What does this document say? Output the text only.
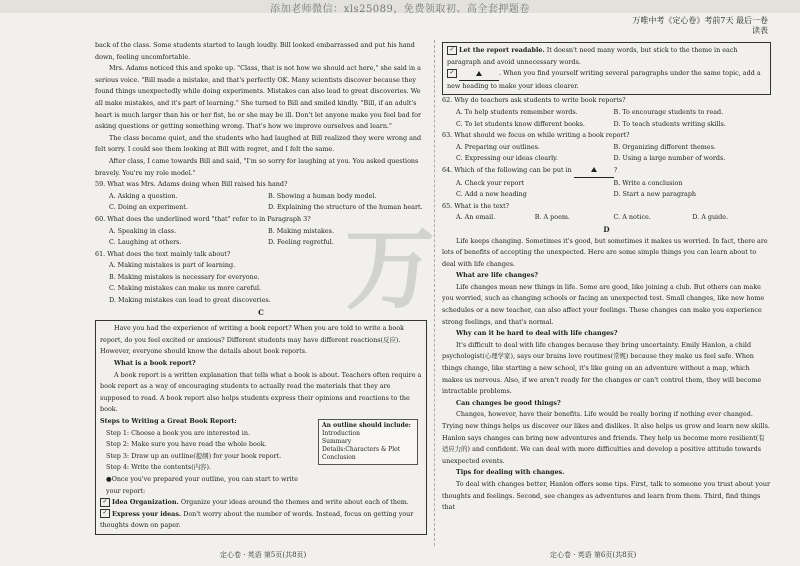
添加老师微信：xls25089，免费领取初、高全套押题卷
万唯中考《定心卷》考前7天 最后一卷
读表
万

back of the class. Some students started to laugh loudly. Bill looked embarrassed and put his hand down, feeling uncomfortable.

Mrs. Adams noticed this and spoke up. "Class, that is not how we should act here," she said in a serious voice. "Bill made a mistake, and that's perfectly OK. Many scientists discover because they found things unexpectedly while doing experiments. Mistakes can also lead to great discoveries. We all make mistakes, and it's part of learning." She turned to Bill and smiled kindly. "Bill, if an adult's heart is much larger than his or her fist, he or she may be ill. Don't let anyone make you feel bad for asking questions or getting something wrong. That's how we improve ourselves and learn."

The class became quiet, and the students who had laughed at Bill realized they were wrong and felt sorry. I could see them looking at Bill with regret, and I felt the same.

After class, I came towards Bill and said, "I'm so sorry for laughing at you. You asked questions bravely. You're my role model."

59. What was Mrs. Adams doing when Bill raised his hand?
A. Asking a question.	B. Showing a human body model.
C. Doing an experiment.	D. Explaining the structure of the human heart.
60. What does the underlined word "that" refer to in Paragraph 3?
A. Speaking in class.	B. Making mistakes.
C. Laughing at others.	D. Feeling regretful.
61. What does the text mainly talk about?
A. Making mistakes is part of learning.
B. Making mistakes is necessary for everyone.
C. Making mistakes can make us more careful.
D. Making mistakes can lead to great discoveries.
C

Have you had the experience of writing a book report? When you are told to write a book report, do you feel excited or anxious? Different students may have different reactions(反应). However, everyone should know the details about book reports.

What is a book report?

A book report is a written explanation that tells what a book is about. Teachers often require a book report as a way of encouraging students to actually read the materials that they are supposed to read. A book report also helps students express their opinions and reactions to the book.

Steps to Writing a Great Book Report:
Step 1: Choose a book you are interested in.
Step 2: Make sure you have read the whole book.
Step 3: Draw up an outline(提纲) for your book report.
Step 4: Write the contents(内容).
●Once you've prepared your outline, you can start to write your report:
✓ Idea Organization. Organize your ideas around the themes and write about each of them.
✓ Express your ideas. Don't worry about the number of words. Instead, focus on getting your thoughts down on paper.
An outline should include:
Introduction
Summary
Details:Characters & Plot
Conclusion
定心卷 · 英语 第5页(共8页)
✓ Let the report readable. It doesn't need many words, but stick to the theme in each paragraph and avoid unnecessary words.
✓	. When you find yourself writing several paragraphs under the same topic, add a new heading to make your ideas clearer.
62. Why do teachers ask students to write book reports?
A. To help students remember words.	B. To encourage students to read.
C. To let students know different books.	D. To teach students writing skills.
63. What should we focus on while writing a book report?
A. Preparing our outlines.	B. Organizing different themes.
C. Expressing our ideas clearly.	D. Using a large number of words.
64. Which of the following can be put in	?
A. Check your report	B. Write a conclusion
C. Add a new heading	D. Start a new paragraph
65. What is the text?
A. An email.	B. A poem.	C. A notice.	D. A guide.
D

Life keeps changing. Sometimes it's good, but sometimes it makes us worried. In fact, there are lots of benefits of accepting the unexpected. Here are some simple things you can learn about to deal with life changes.

What are life changes?

Life changes mean new things in life. Some are good, like joining a club. But others can make you worried, such as changing schools or facing an unexpected test. Small changes, like new home schedules or a new teacher, can also affect your feelings. These changes can make you experience strong feelings, and that's normal.

Why can it be hard to deal with life changes?

It's difficult to deal with life changes because they bring uncertainty. Emily Hanlon, a child psychologist(心理学家), says our brains love routines(常规) because they make us feel safe. When things change, like starting a new school, it's like going on an adventure without a map, which makes us nervous. Also, if we aren't ready for the changes or can't control them, they will become intractable problems.

Can changes be good things?

Changes, however, have their benefits. Life would be really boring if nothing ever changed. Trying new things helps us discover our likes and dislikes. It also helps us grow and learn new skills. Hanlon says changes can bring new adventures and friends. They help us become more resilient(有适应力的) and confident. We can deal with more difficulties and develop a positive attitude towards unexpected events.

Tips for dealing with changes.

To deal with changes better, Hanlon offers some tips. First, talk to someone you trust about your thoughts and feelings. Second, see changes as adventures and learn from them. Third, find things that

定心卷 · 英语 第6页(共8页)
